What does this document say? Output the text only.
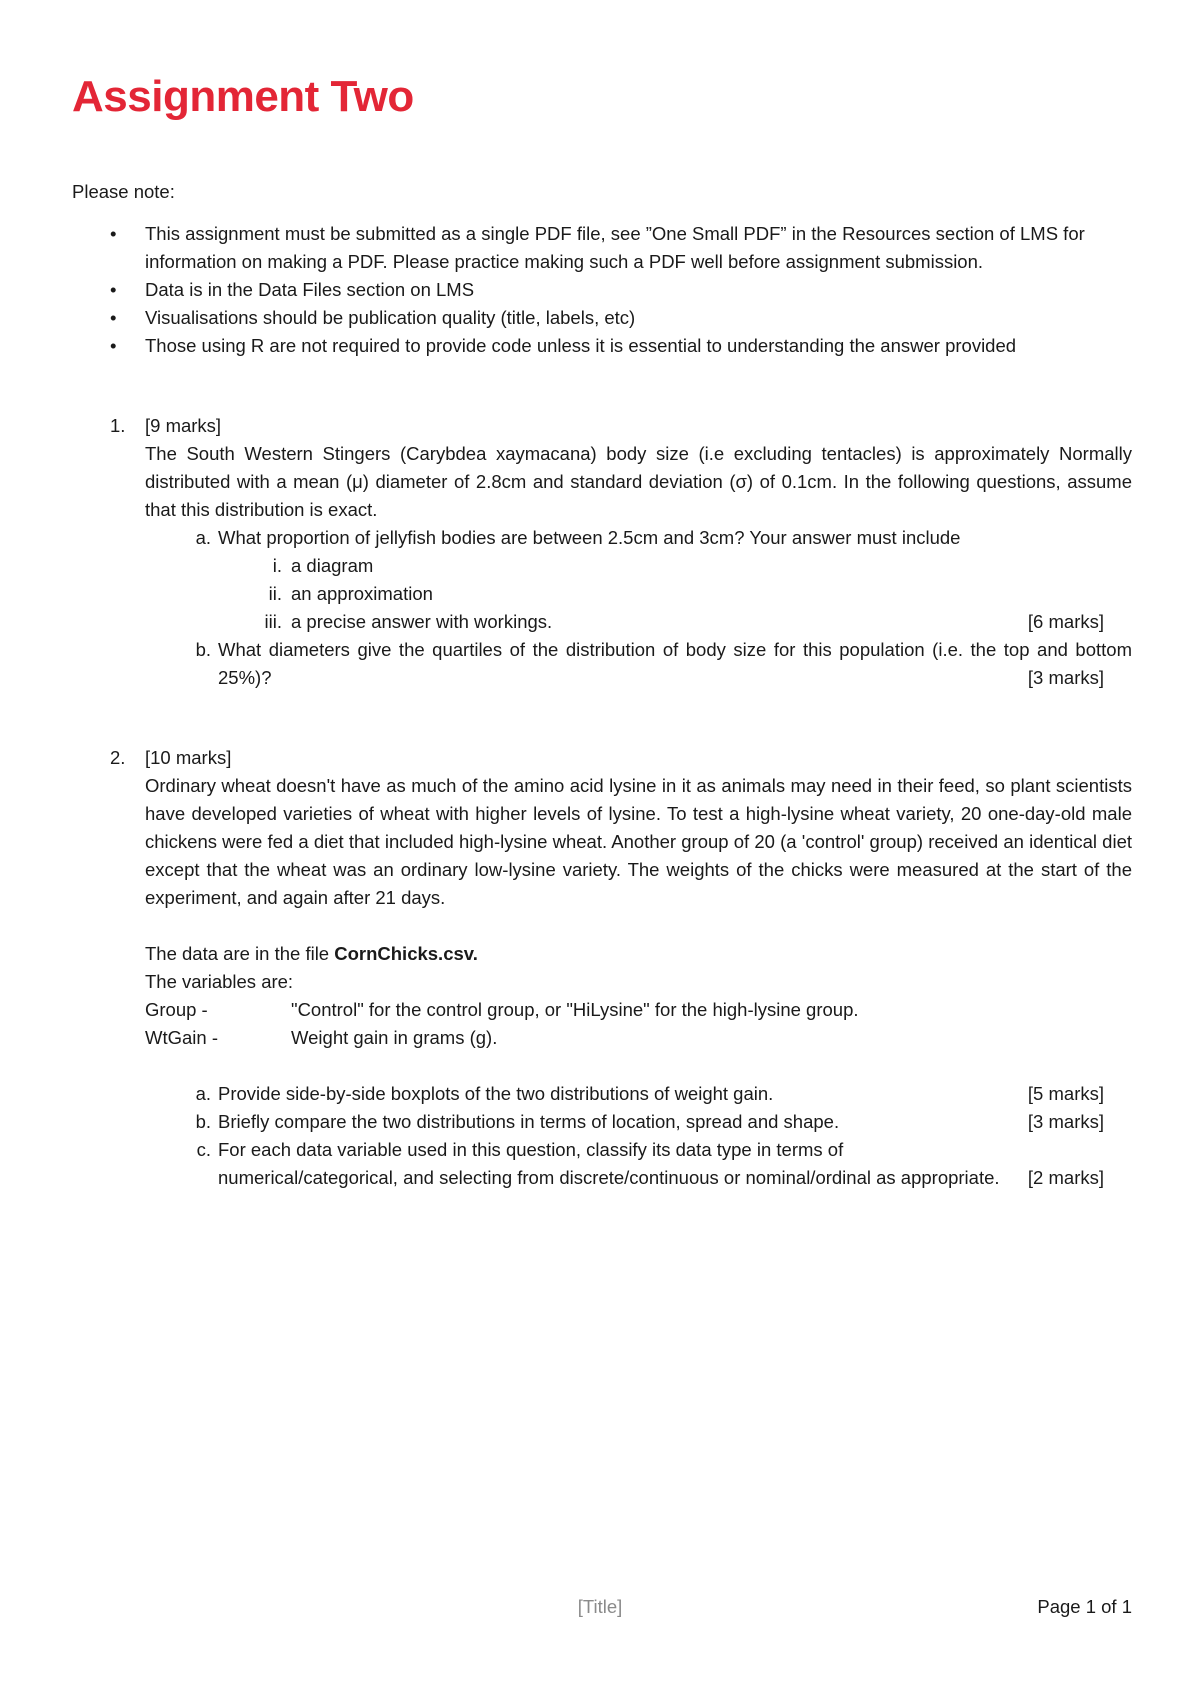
Assignment Two

Please note:

• This assignment must be submitted as a single PDF file, see ”One Small PDF” in the Resources section of LMS for information on making a PDF. Please practice making such a PDF well before assignment submission.
• Data is in the Data Files section on LMS
• Visualisations should be publication quality (title, labels, etc)
• Those using R are not required to provide code unless it is essential to understanding the answer provided
1. [9 marks]
The South Western Stingers (Carybdea xaymacana) body size (i.e excluding tentacles) is approximately Normally distributed with a mean (μ) diameter of 2.8cm and standard deviation (σ) of 0.1cm. In the following questions, assume that this distribution is exact.
a. What proportion of jellyfish bodies are between 2.5cm and 3cm? Your answer must include
i. a diagram
ii. an approximation
iii.	[6 marks]
a precise answer with workings.
b. What diameters give the quartiles of the distribution of body size for this population (i.e. the top and bottom 25%)?	[3 marks]
2. [10 marks]
Ordinary wheat doesn't have as much of the amino acid lysine in it as animals may need in their feed, so plant scientists have developed varieties of wheat with higher levels of lysine. To test a high-lysine wheat variety, 20 one-day-old male chickens were fed a diet that included high-lysine wheat. Another group of 20 (a 'control' group) received an identical diet except that the wheat was an ordinary low-lysine variety. The weights of the chicks were measured at the start of the experiment, and again after 21 days.
The data are in the file CornChicks.csv.
The variables are:
Group -	"Control" for the control group, or "HiLysine" for the high-lysine group.
WtGain -	Weight gain in grams (g).
a.	[5 marks]
Provide side-by-side boxplots of the two distributions of weight gain.
b.	[3 marks]
Briefly compare the two distributions in terms of location, spread and shape.
c. For each data variable used in this question, classify its data type in terms of numerical/categorical, and selecting from discrete/continuous or nominal/ordinal as appropriate.	[2 marks]
[Title]	Page 1 of 1
